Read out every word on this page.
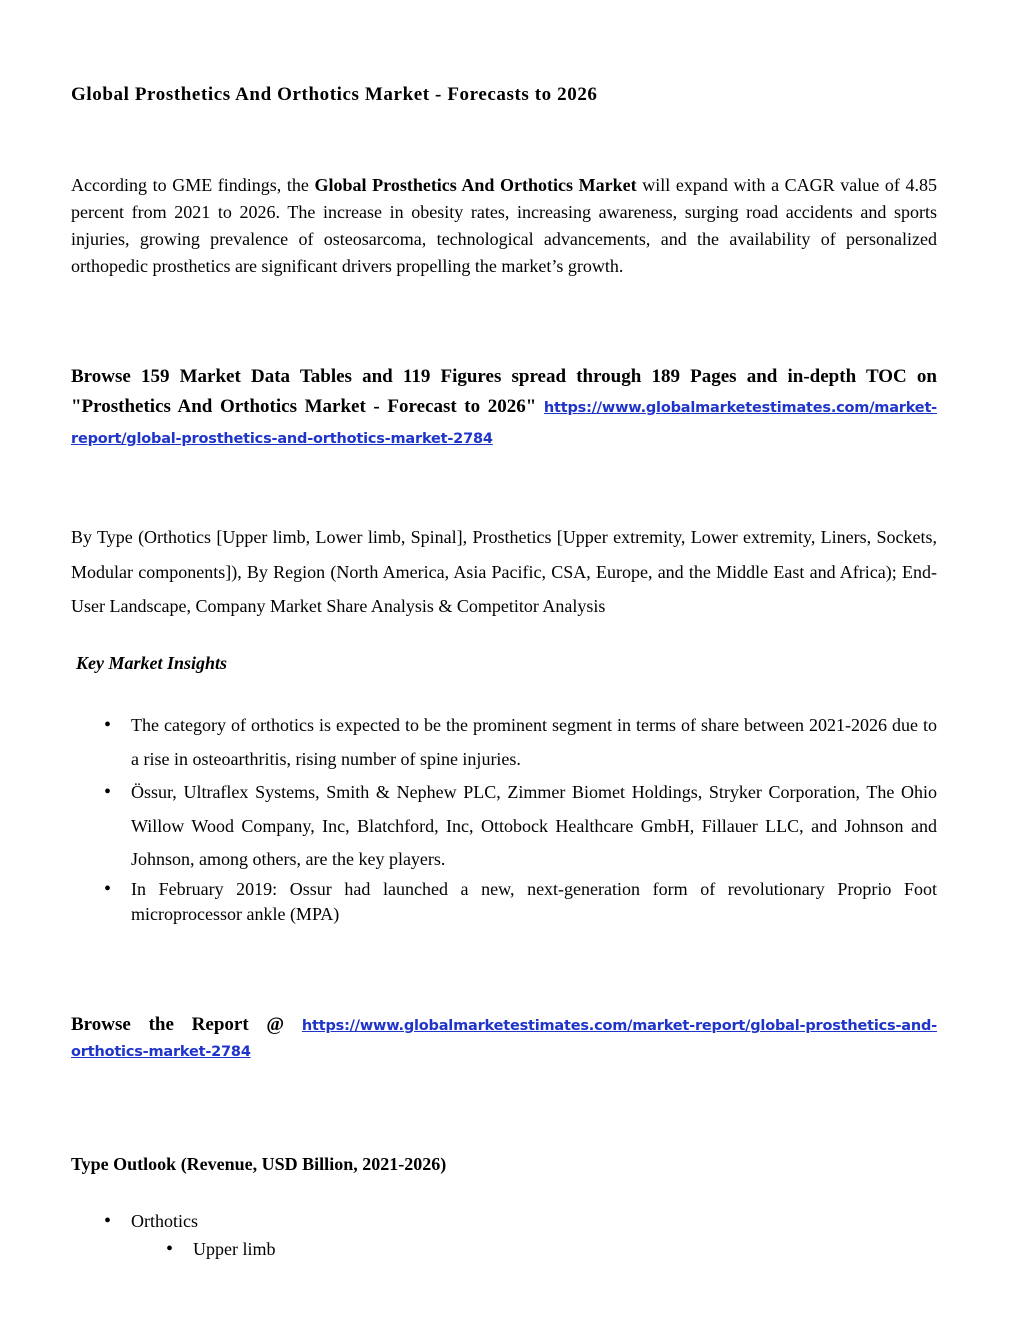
Global Prosthetics And Orthotics Market - Forecasts to 2026
According to GME findings, the Global Prosthetics And Orthotics Market will expand with a CAGR value of 4.85 percent from 2021 to 2026. The increase in obesity rates, increasing awareness, surging road accidents and sports injuries, growing prevalence of osteosarcoma, technological advancements, and the availability of personalized orthopedic prosthetics are significant drivers propelling the market’s growth.
Browse 159 Market Data Tables and 119 Figures spread through 189 Pages and in-depth TOC on "Prosthetics And Orthotics Market - Forecast to 2026" https://www.globalmarketestimates.com/market-report/global-prosthetics-and-orthotics-market-2784
By Type (Orthotics [Upper limb, Lower limb, Spinal], Prosthetics [Upper extremity, Lower extremity, Liners, Sockets, Modular components]), By Region (North America, Asia Pacific, CSA, Europe, and the Middle East and Africa); End-User Landscape, Company Market Share Analysis & Competitor Analysis
Key Market Insights

• The category of orthotics is expected to be the prominent segment in terms of share between 2021-2026 due to a rise in osteoarthritis, rising number of spine injuries.

• Össur, Ultraflex Systems, Smith & Nephew PLC, Zimmer Biomet Holdings, Stryker Corporation, The Ohio Willow Wood Company, Inc, Blatchford, Inc, Ottobock Healthcare GmbH, Fillauer LLC, and Johnson and Johnson, among others, are the key players.

• In February 2019: Ossur had launched a new, next-generation form of revolutionary Proprio Foot microprocessor ankle (MPA)

Browse the Report @ https://www.globalmarketestimates.com/market-report/global-prosthetics-and-
orthotics-market-2784
Type Outlook (Revenue, USD Billion, 2021-2026)
• Orthotics
• Upper limb
